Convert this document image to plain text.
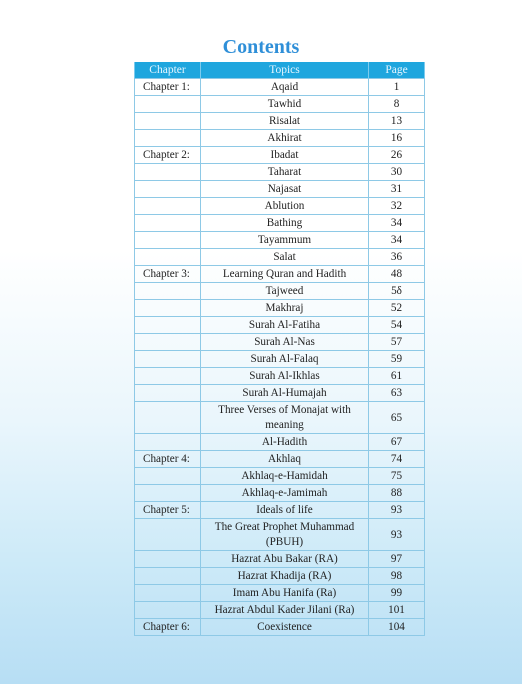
Contents
Chapter	Topics	Page
Chapter 1:	Aqaid	1
	Tawhid	8
	Risalat	13
	Akhirat	16
Chapter 2:	Ibadat	26
	Taharat	30
	Najasat	31
	Ablution	32
	Bathing	34
	Tayammum	34
	Salat	36
Chapter 3:	Learning Quran and Hadith	48
	Tajweed	5δ
	Makhraj	52
	Surah Al-Fatiha	54
	Surah Al-Nas	57
	Surah Al-Falaq	59
	Surah Al-Ikhlas	61
	Surah Al-Humajah	63
	Three Verses of Monajat with meaning	65
	Al-Hadith	67
Chapter 4:	Akhlaq	74
	Akhlaq-e-Hamidah	75
	Akhlaq-e-Jamimah	88
Chapter 5:	Ideals of life	93
	The Great Prophet Muhammad (PBUH)	93
	Hazrat Abu Bakar (RA)	97
	Hazrat Khadija (RA)	98
	Imam Abu Hanifa (Ra)	99
	Hazrat Abdul Kader Jilani (Ra)	101
Chapter 6:	Coexistence	104
